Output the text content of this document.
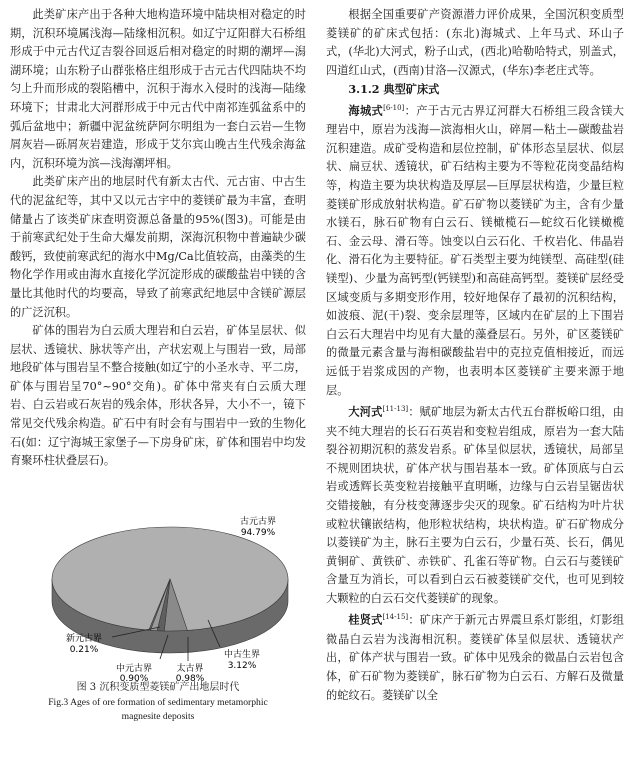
此类矿床产出于各种大地构造环境中陆块相对稳定的时期，沉积环境属浅海—陆缘相沉积。如辽宁辽阳群大石桥组形成于中元古代辽吉裂谷回返后相对稳定的时期的潮坪—潟湖环境；山东粉子山群张格庄组形成于古元古代四陆块不均匀上升而形成的裂陷槽中，沉积于海水入侵时的浅海—陆缘环境下；甘肃北大河群形成于中元古代中南祁连弧盆系中的弧后盆地中；新疆中泥盆统萨阿尔明组为一套白云岩—生物屑灰岩—砾屑灰岩建造，形成于艾尔宾山晚古生代残余海盆内，沉积环境为滨—浅海潮坪相。

此类矿床产出的地层时代有新太古代、元古宙、中古生代的泥盆纪等，其中又以元古宇中的菱镁矿最为丰富，查明储量占了该类矿床查明资源总备量的95%(图3)。可能是由于前寒武纪处于生命大爆发前期，深海沉积物中普遍缺少碳酸钙，致使前寒武纪的海水中Mg/Ca比值较高，由藻类的生物化学作用或由海水直接化学沉淀形成的碳酸盐岩中镁的含量比其他时代的均要高，导致了前寒武纪地层中含镁矿源层的广泛沉积。

矿体的围岩为白云质大理岩和白云岩，矿体呈层状、似层状、透镜状、脉状等产出，产状宏观上与围岩一致，局部地段矿体与围岩呈不整合接触(如辽宁的小圣水寺、平二房，矿体与围岩呈70°~90°交角)。矿体中常夹有白云质大理岩、白云岩或石灰岩的残余体，形状各异，大小不一，镜下常见交代残余构造。矿石中有时会有与围岩中一致的生物化石(如：辽宁海城王家堡子—下房身矿床，矿体和围岩中均发育聚环柱状叠层石)。

古元古界
94.79%
中古生界
3.12%
太古界
0.98%
中元古界
0.90%
新元古界
0.21%
图 3 沉积变质型菱镁矿产出地层时代
Fig.3 Ages of ore formation of sedimentary metamorphic
magnesite deposits

根据全国重要矿产资源潜力评价成果，全国沉积变质型菱镁矿的矿床式包括：(东北)海城式、上年马式、环山子式，(华北)大河式，粉子山式，(西北)哈勒哈特式，别盖式，四道红山式，(西南)甘洛—汉源式，(华东)李老庄式等。

3.1.2 典型矿床式

海城式[6-10]：产于古元古界辽河群大石桥组三段含镁大理岩中，原岩为浅海—滨海相火山，碎屑—粘土—碳酸盐岩沉积建造。成矿受构造和层位控制，矿体形态呈层状、似层状、扁豆状、透镜状，矿石结构主要为不等粒花岗变晶结构等，构造主要为块状构造及厚层—巨厚层状构造，少量巨粒菱镁矿形成放射状构造。矿石矿物以菱镁矿为主，含有少量水镁石，脉石矿物有白云石、镁橄榄石—蛇纹石化镁橄榄石、金云母、滑石等。蚀变以白云石化、千枚岩化、伟晶岩化、滑石化为主要特征。矿石类型主要为纯镁型、高硅型(硅镁型)、少量为高钙型(钙镁型)和高硅高钙型。菱镁矿层经受区域变质与多期变形作用，较好地保存了最初的沉积结构，如波痕、泥(干)裂、变余层理等，区域内在矿层的上下围岩白云石大理岩中均见有大量的藻叠层石。另外，矿区菱镁矿的微量元素含量与海相碳酸盐岩中的克拉克值相接近，而远远低于岩浆成因的产物，也表明本区菱镁矿主要来源于地层。

大河式[11-13]：赋矿地层为新太古代五台群板峪口组，由夹不纯大理岩的长石石英岩和变粒岩组成，原岩为一套大陆裂谷初期沉积的蒸发岩系。矿体呈似层状，透镜状，局部呈不规则团块状，矿体产状与围岩基本一致。矿体顶底与白云岩或透辉长英变粒岩接触平直明晰，边缘与白云岩呈锯齿状交错接触，有分枝变薄逐步尖灭的现象。矿石结构为叶片状或粒状镶嵌结构，他形粒状结构，块状构造。矿石矿物成分以菱镁矿为主，脉石主要为白云石，少量石英、长石，偶见黄铜矿、黄铁矿、赤铁矿、孔雀石等矿物。白云石与菱镁矿含量互为消长，可以看到白云石被菱镁矿交代，也可见到较大颗粒的白云石交代菱镁矿的现象。

桂贤式[14-15]：矿床产于新元古界震旦系灯影组，灯影组微晶白云岩为浅海相沉积。菱镁矿体呈似层状、透镜状产出，矿体产状与围岩一致。矿体中见残余的微晶白云岩包含体，矿石矿物为菱镁矿，脉石矿物为白云石、方解石及微量的蛇纹石。菱镁矿以全
